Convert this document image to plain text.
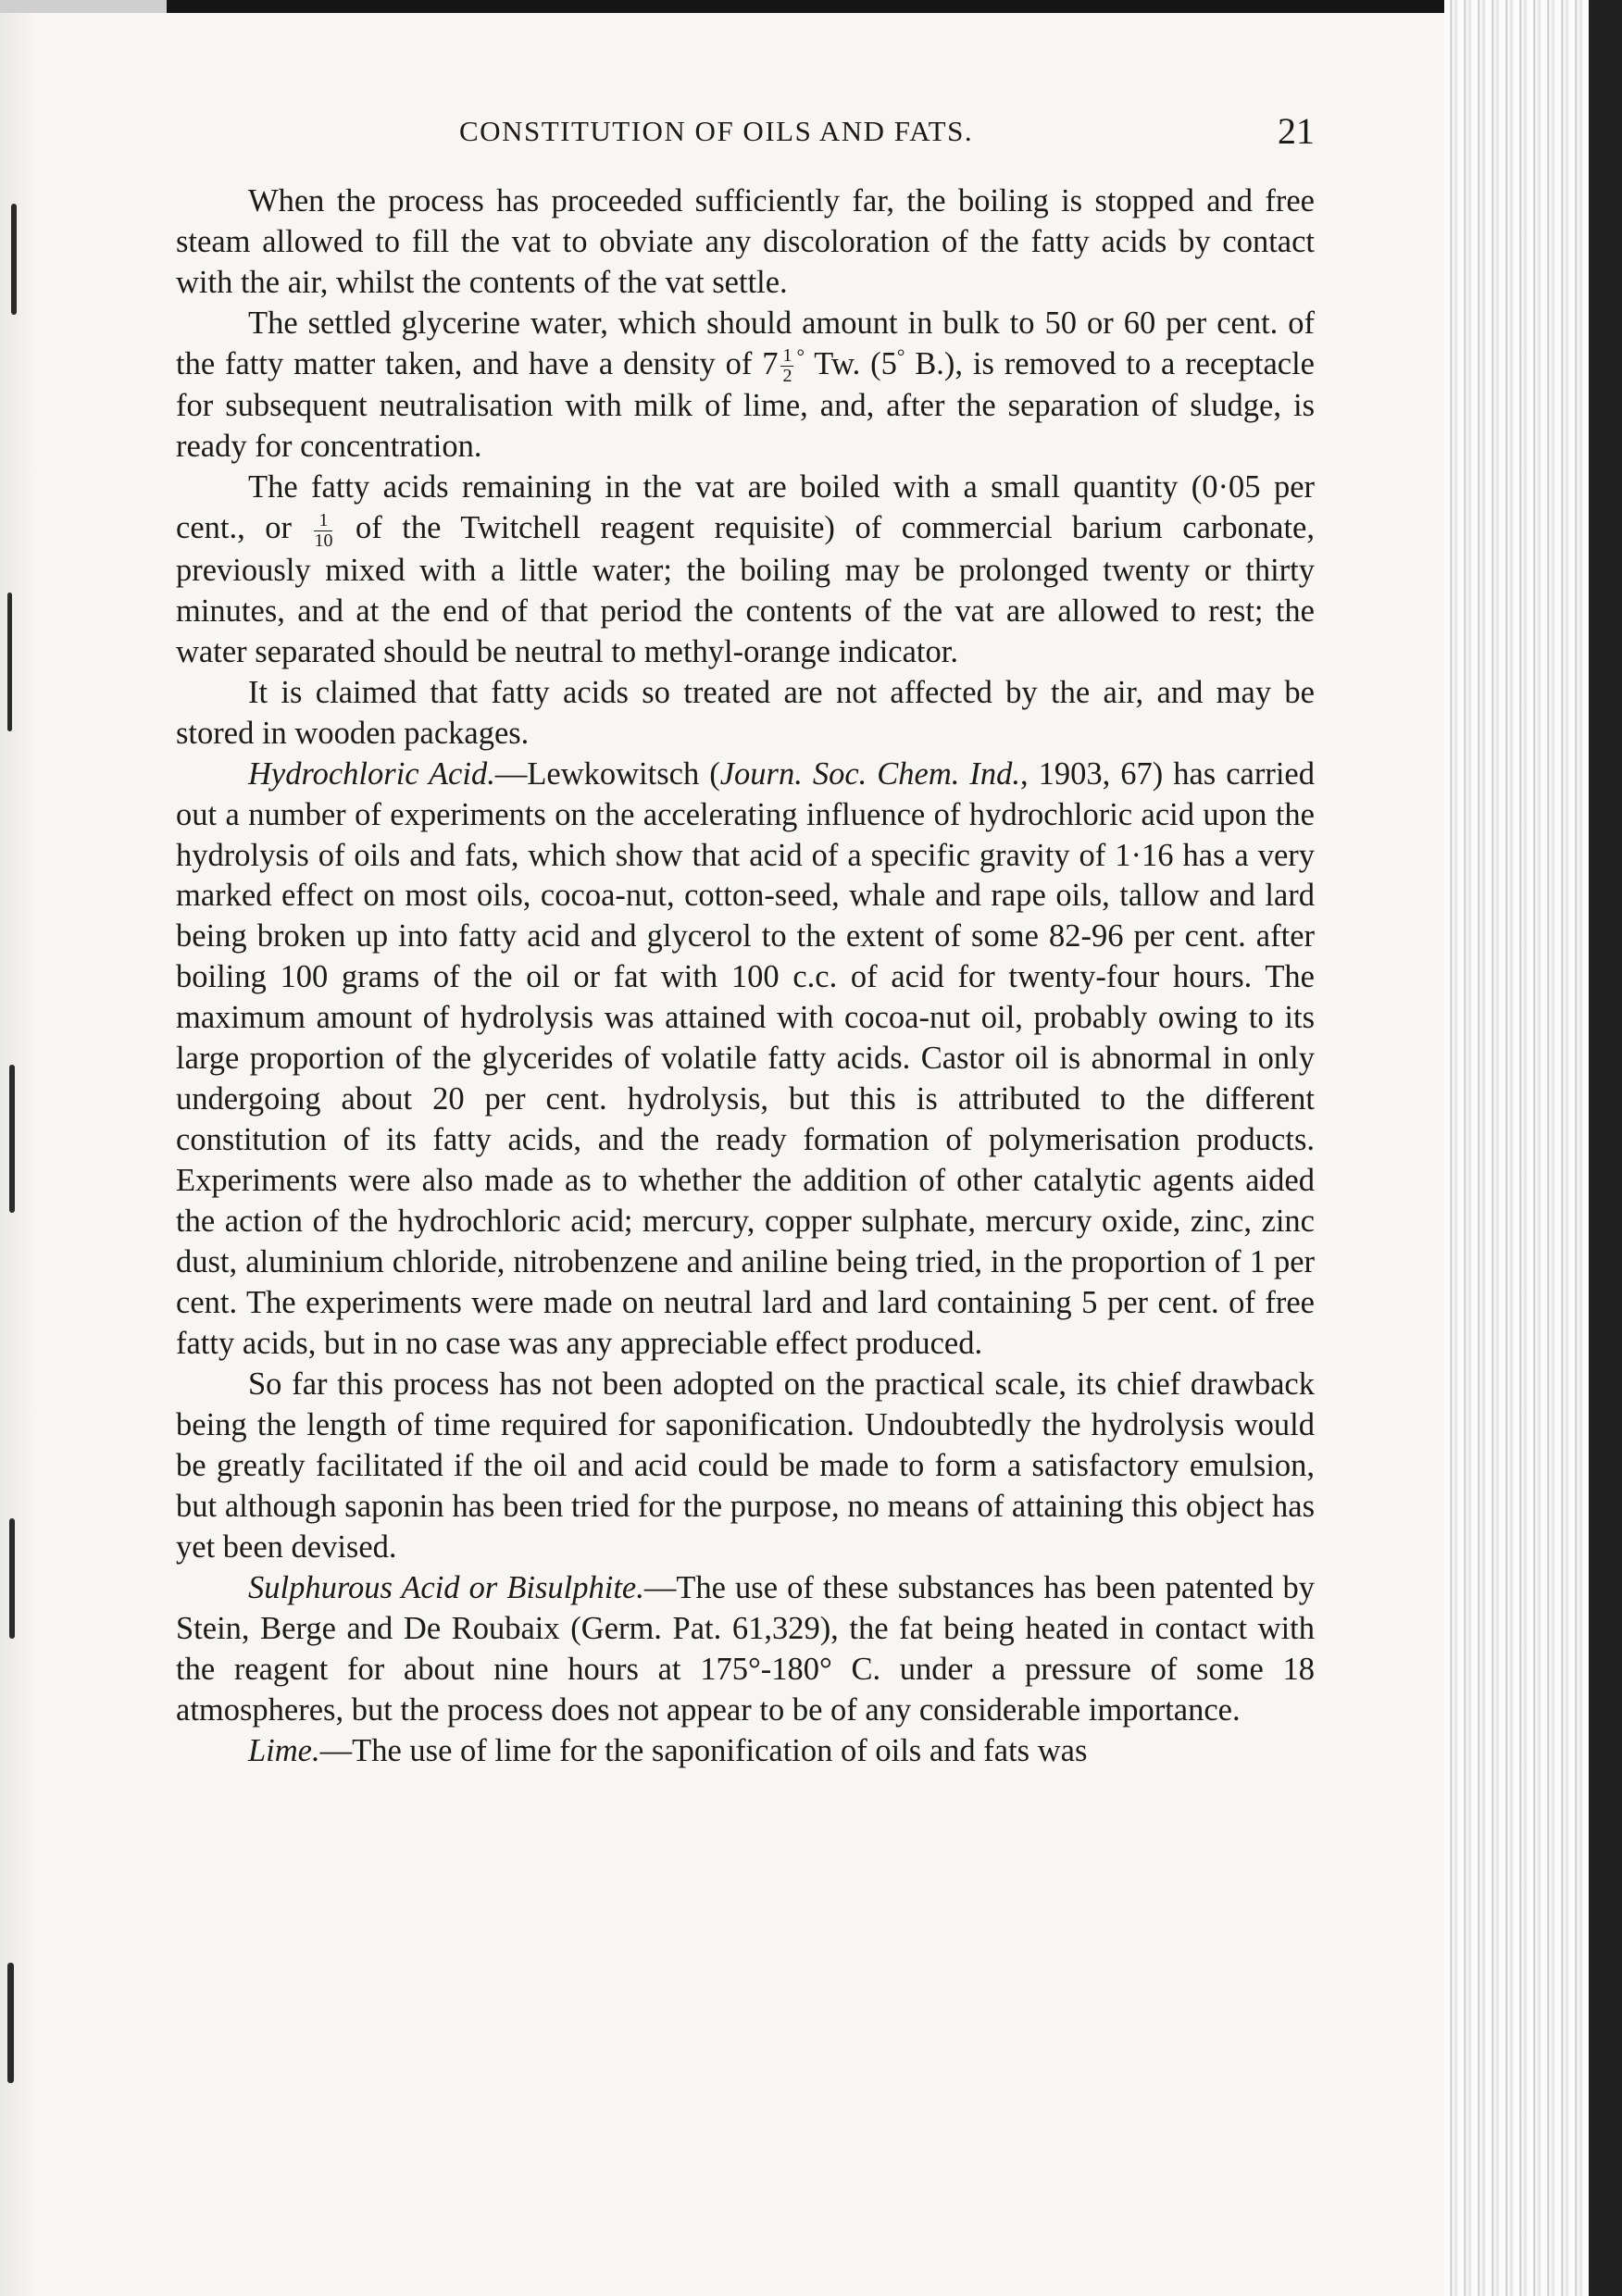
CONSTITUTION OF OILS AND FATS.	21

When the process has proceeded sufficiently far, the boiling is stopped and free steam allowed to fill the vat to obviate any discoloration of the fatty acids by contact with the air, whilst the contents of the vat settle.

The settled glycerine water, which should amount in bulk to 50 or 60 per cent. of the fatty matter taken, and have a density of $7 \frac{1}{2} ^\circ$ Tw. (5° B.), is removed to a receptacle for subsequent neutralisation with milk of lime, and, after the separation of sludge, is ready for concentration.

The fatty acids remaining in the vat are boiled with a small quantity (0·05 per cent., or $\frac{1}{10}$ of the Twitchell reagent requisite) of commercial barium carbonate, previously mixed with a little water; the boiling may be prolonged twenty or thirty minutes, and at the end of that period the contents of the vat are allowed to rest; the water separated should be neutral to methyl-orange indicator.

It is claimed that fatty acids so treated are not affected by the air, and may be stored in wooden packages.

Hydrochloric Acid.—Lewkowitsch (Journ. Soc. Chem. Ind., 1903, 67) has carried out a number of experiments on the accelerating influence of hydrochloric acid upon the hydrolysis of oils and fats, which show that acid of a specific gravity of 1·16 has a very marked effect on most oils, cocoa-nut, cotton-seed, whale and rape oils, tallow and lard being broken up into fatty acid and glycerol to the extent of some 82-96 per cent. after boiling 100 grams of the oil or fat with 100 c.c. of acid for twenty-four hours. The maximum amount of hydrolysis was attained with cocoa-nut oil, probably owing to its large proportion of the glycerides of volatile fatty acids. Castor oil is abnormal in only undergoing about 20 per cent. hydrolysis, but this is attributed to the different constitution of its fatty acids, and the ready formation of polymerisation products. Experiments were also made as to whether the addition of other catalytic agents aided the action of the hydrochloric acid; mercury, copper sulphate, mercury oxide, zinc, zinc dust, aluminium chloride, nitrobenzene and aniline being tried, in the proportion of 1 per cent. The experiments were made on neutral lard and lard containing 5 per cent. of free fatty acids, but in no case was any appreciable effect produced.

So far this process has not been adopted on the practical scale, its chief drawback being the length of time required for saponification. Undoubtedly the hydrolysis would be greatly facilitated if the oil and acid could be made to form a satisfactory emulsion, but although saponin has been tried for the purpose, no means of attaining this object has yet been devised.

Sulphurous Acid or Bisulphite.—The use of these substances has been patented by Stein, Berge and De Roubaix (Germ. Pat. 61,329), the fat being heated in contact with the reagent for about nine hours at 175°-180° C. under a pressure of some 18 atmospheres, but the process does not appear to be of any considerable importance.

Lime.—The use of lime for the saponification of oils and fats was
